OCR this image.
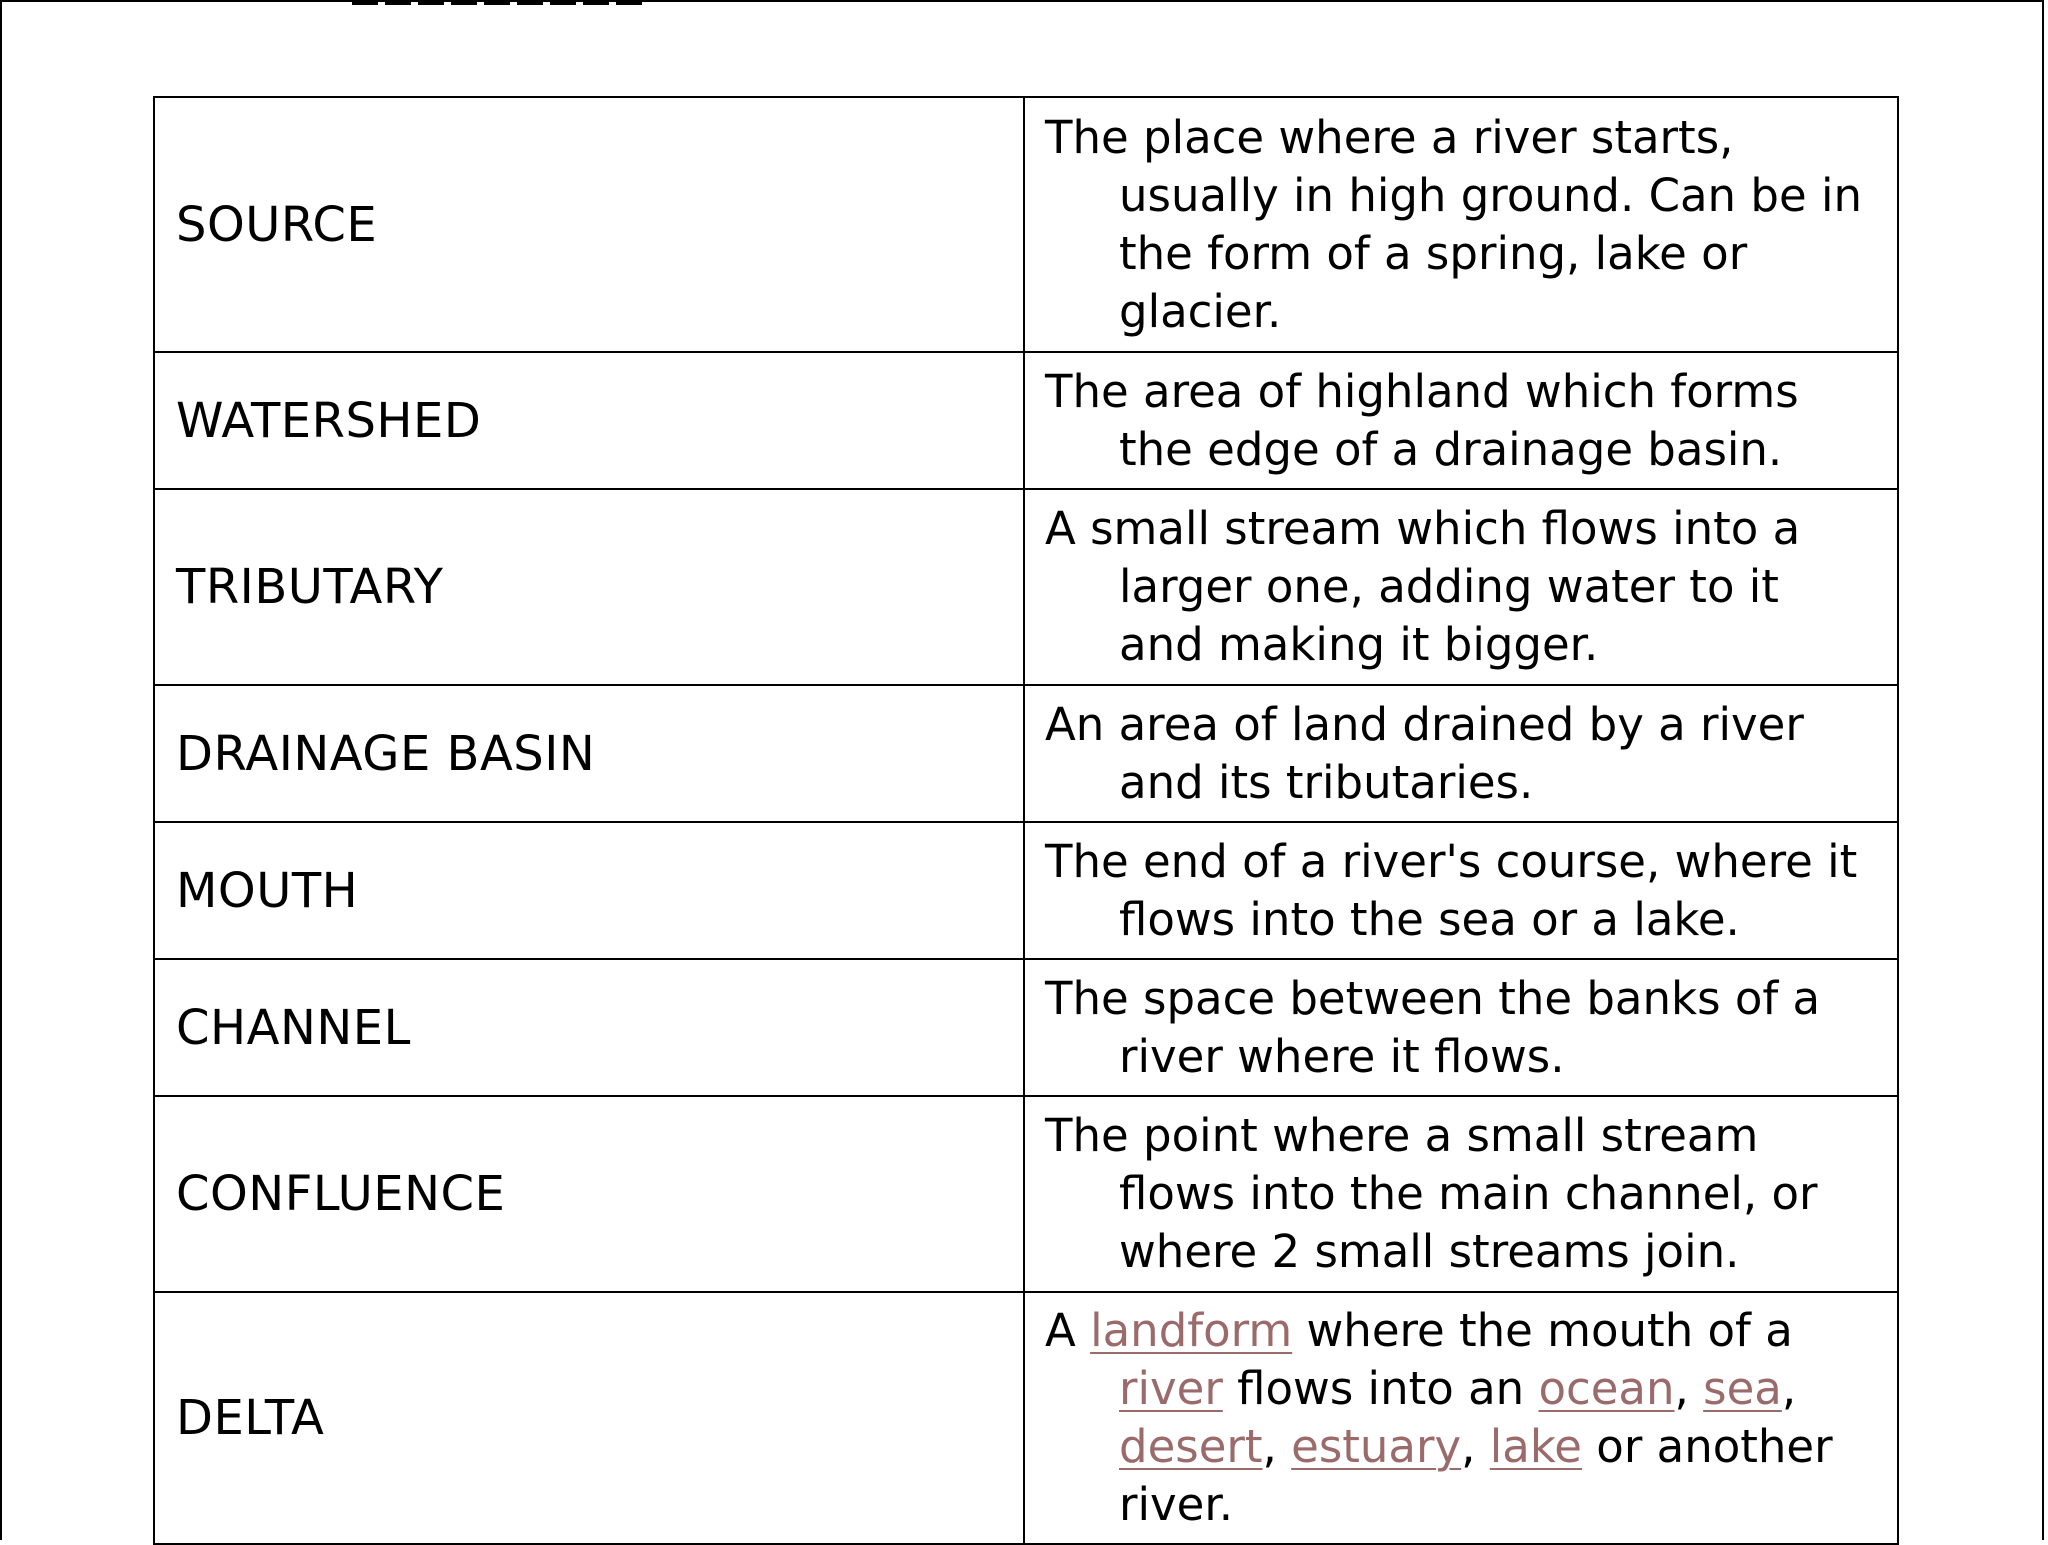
SOURCE	The place where a river starts, usually in high ground. Can be in the form of a spring, lake or glacier.

WATERSHED	The area of highland which forms the edge of a drainage basin.

TRIBUTARY	A small stream which flows into a larger one, adding water to it and making it bigger.

DRAINAGE BASIN	An area of land drained by a river and its tributaries.

MOUTH	The end of a river's course, where it flows into the sea or a lake.

CHANNEL	The space between the banks of a river where it flows.

CONFLUENCE	The point where a small stream flows into the main channel, or where 2 small streams join.

DELTA	A landform where the mouth of a river flows into an ocean, sea, desert, estuary, lake or another river.
